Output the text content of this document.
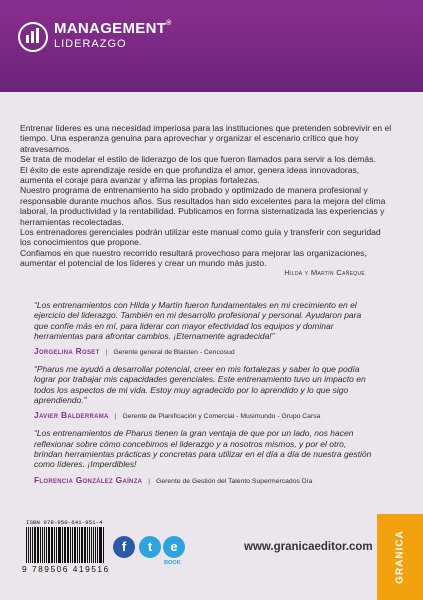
MANAGEMENT®
LIDERAZGO

Entrenar líderes es una necesidad imperiosa para las instituciones que pretenden sobrevivir en el tiempo. Una esperanza genuina para aprovechar y organizar el escenario crítico que hoy atravesamos.

Se trata de modelar el estilo de liderazgo de los que fueron llamados para servir a los demás.

El éxito de este aprendizaje reside en que profundiza el amor, genera ideas innovadoras, aumenta el coraje para avanzar y afirma las propias fortalezas.

Nuestro programa de entrenamiento ha sido probado y optimizado de manera profesional y responsable durante muchos años. Sus resultados han sido excelentes para la mejora del clima laboral, la productividad y la rentabilidad. Publicamos en forma sistematizada las experiencias y herramientas recolectadas.

Los entrenadores gerenciales podrán utilizar este manual como guía y transferir con seguridad los conocimientos que propone.

Confiamos en que nuestro recorrido resultará provechoso para mejorar las organizaciones, aumentar el potencial de los líderes y crear un mundo más justo.

Hilda y Martín Cañeque
“Los entrenamientos con Hilda y Martín fueron fundamentales en mi crecimiento en el ejercicio del liderazgo. También en mi desarrollo profesional y personal. Ayudaron para que confíe más en mí, para liderar con mayor efectividad los equipos y dominar herramientas para afrontar cambios. ¡Eternamente agradecida!”
Jorgelina Roset | Gerente general de Blaisten - Cencosud
“Pharus me ayudó a desarrollar potencial, creer en mis fortalezas y saber lo que podía lograr por trabajar mis capacidades gerenciales. Este entrenamiento tuvo un impacto en todos los aspectos de mi vida. Estoy muy agradecido por lo aprendido y lo que sigo aprendiendo.”
Javier Balderrama | Gerente de Planificación y Comercial - Musimundo - Grupo Carsa
“Los entrenamientos de Pharus tienen la gran ventaja de que por un lado, nos hacen reflexionar sobre cómo concebimos el liderazgo y a nosotros mismos, y por el otro, brindan herramientas prácticas y concretas para utilizar en el día a día de nuestra gestión como líderes. ¡Imperdibles!
Florencia González Gaínza | Gerente de Gestión del Talento Supermercados Día
ISBN 978-950-641-951-4
9 789506 419516
f	t	e
BOOK
www.granicaeditor.com GRANICA
